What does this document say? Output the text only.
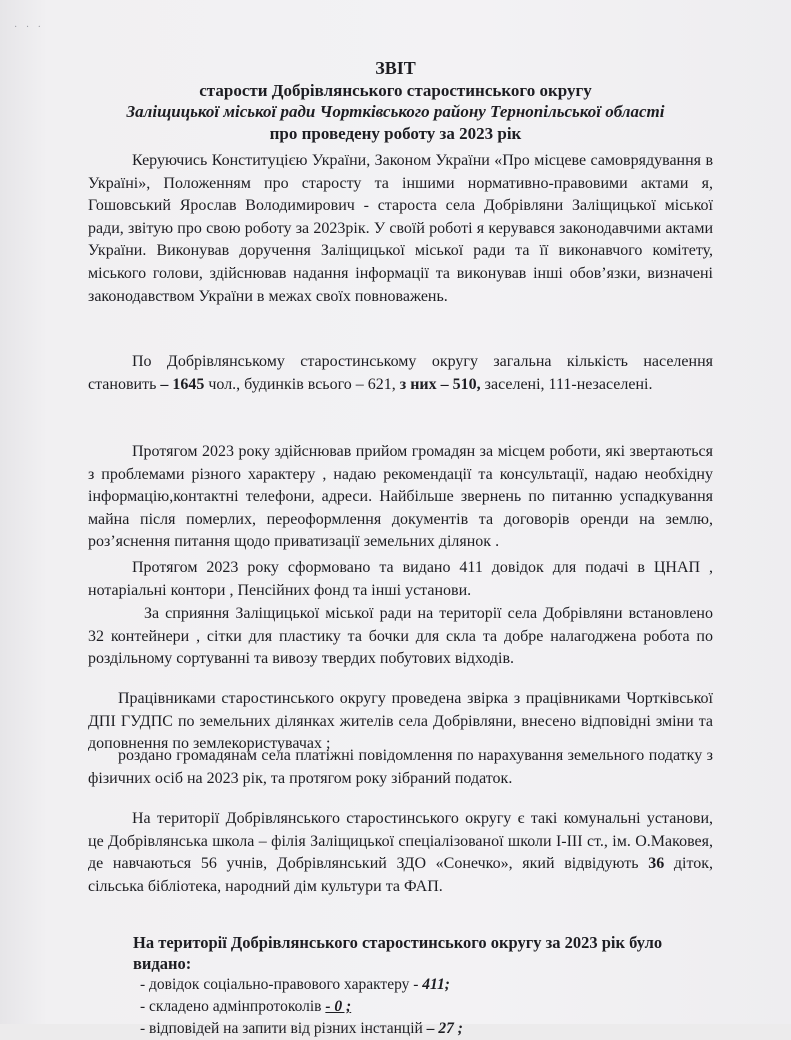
· · ·
ЗВІТ
старости Добрівлянського старостинського округу
Заліщицької міської ради Чортківського району Тернопільської області
про проведену роботу за 2023 рік
Керуючись Конституцією України, Законом України «Про місцеве самоврядування в Україні», Положенням про старосту та іншими нормативно-правовими актами я, Гошовський Ярослав Володимирович - староста села Добрівляни Заліщицької міської ради, звітую про свою роботу за 2023рік. У своїй роботі я керувався законодавчими актами України. Виконував доручення Заліщицької міської ради та її виконавчого комітету, міського голови, здійснював надання інформації та виконував інші обов’язки, визначені законодавством України в межах своїх повноважень.
По Добрівлянському старостинському округу загальна кількість населення становить – 1645 чол., будинків всього – 621, з них – 510, заселені, 111-незаселені.
Протягом 2023 року здійснював прийом громадян за місцем роботи, які звертаються з проблемами різного характеру , надаю рекомендації та консультації, надаю необхідну інформацію,контактні телефони, адреси. Найбільше звернень по питанню успадкування майна після померлих, переоформлення документів та договорів оренди на землю, роз’яснення питання щодо приватизації земельних ділянок .
Протягом 2023 року сформовано та видано 411 довідок для подачі в ЦНАП , нотаріальні контори , Пенсійних фонд та інші установи.
За сприяння Заліщицької міської ради на території села Добрівляни встановлено 32 контейнери , сітки для пластику та бочки для скла та добре налагоджена робота по роздільному сортуванні та вивозу твердих побутових відходів.
Працівниками старостинського округу проведена звірка з працівниками Чортківської ДПІ ГУДПС по земельних ділянках жителів села Добрівляни, внесено відповідні зміни та доповнення по землекористувачах ;
роздано громадянам села платіжні повідомлення по нарахування земельного податку з фізичних осіб на 2023 рік, та протягом року зібраний податок.
На території Добрівлянського старостинського округу є такі комунальні установи, це Добрівлянська школа – філія Заліщицької спеціалізованої школи І-ІІІ ст., ім. О.Маковея, де навчаються 56 учнів, Добрівлянський ЗДО «Сонечко», який відвідують 36 діток, сільська бібліотека, народний дім культури та ФАП.
На території Добрівлянського старостинського округу за 2023 рік було видано:
- довідок соціально-правового характеру - 411;
- складено адмінпротоколів - 0 ;
- відповідей на запити від різних інстанцій – 27 ;
